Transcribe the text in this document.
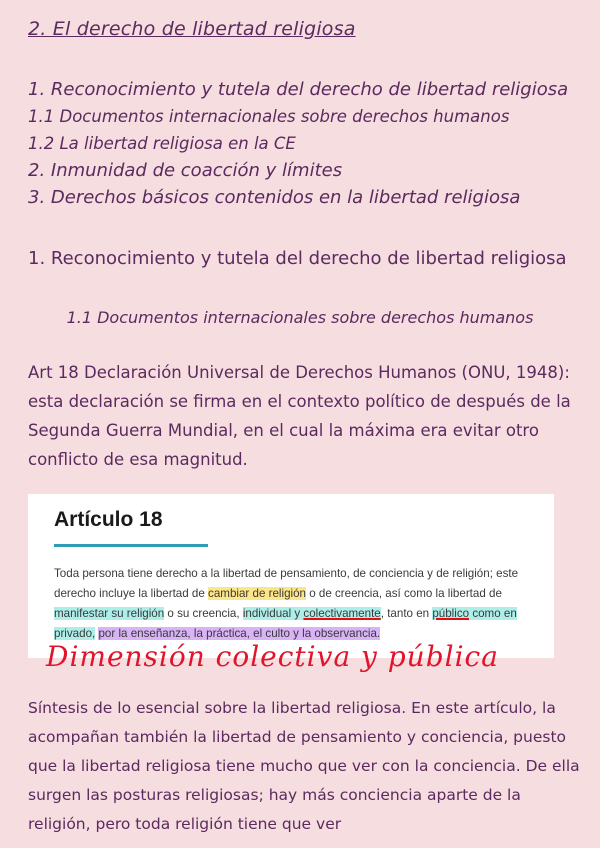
2. El derecho de libertad religiosa
1. Reconocimiento y tutela del derecho de libertad religiosa
1.1 Documentos internacionales sobre derechos humanos
1.2 La libertad religiosa en la CE
2. Inmunidad de coacción y límites
3. Derechos básicos contenidos en la libertad religiosa
1. Reconocimiento y tutela del derecho de libertad religiosa
1.1 Documentos internacionales sobre derechos humanos

Art 18 Declaración Universal de Derechos Humanos (ONU, 1948): esta declaración se firma en el contexto político de después de la Segunda Guerra Mundial, en el cual la máxima era evitar otro conflicto de esa magnitud.

Artículo 18

Toda persona tiene derecho a la libertad de pensamiento, de conciencia y de religión; este derecho incluye la libertad de cambiar de religión o de creencia, así como la libertad de manifestar su religión o su creencia, individual y colectivamente, tanto en público como en privado, por la enseñanza, la práctica, el culto y la observancia.

Dimensión colectiva y pública

Síntesis de lo esencial sobre la libertad religiosa. En este artículo, la acompañan también la libertad de pensamiento y conciencia, puesto que la libertad religiosa tiene mucho que ver con la conciencia. De ella surgen las posturas religiosas; hay más conciencia aparte de la religión, pero toda religión tiene que ver
